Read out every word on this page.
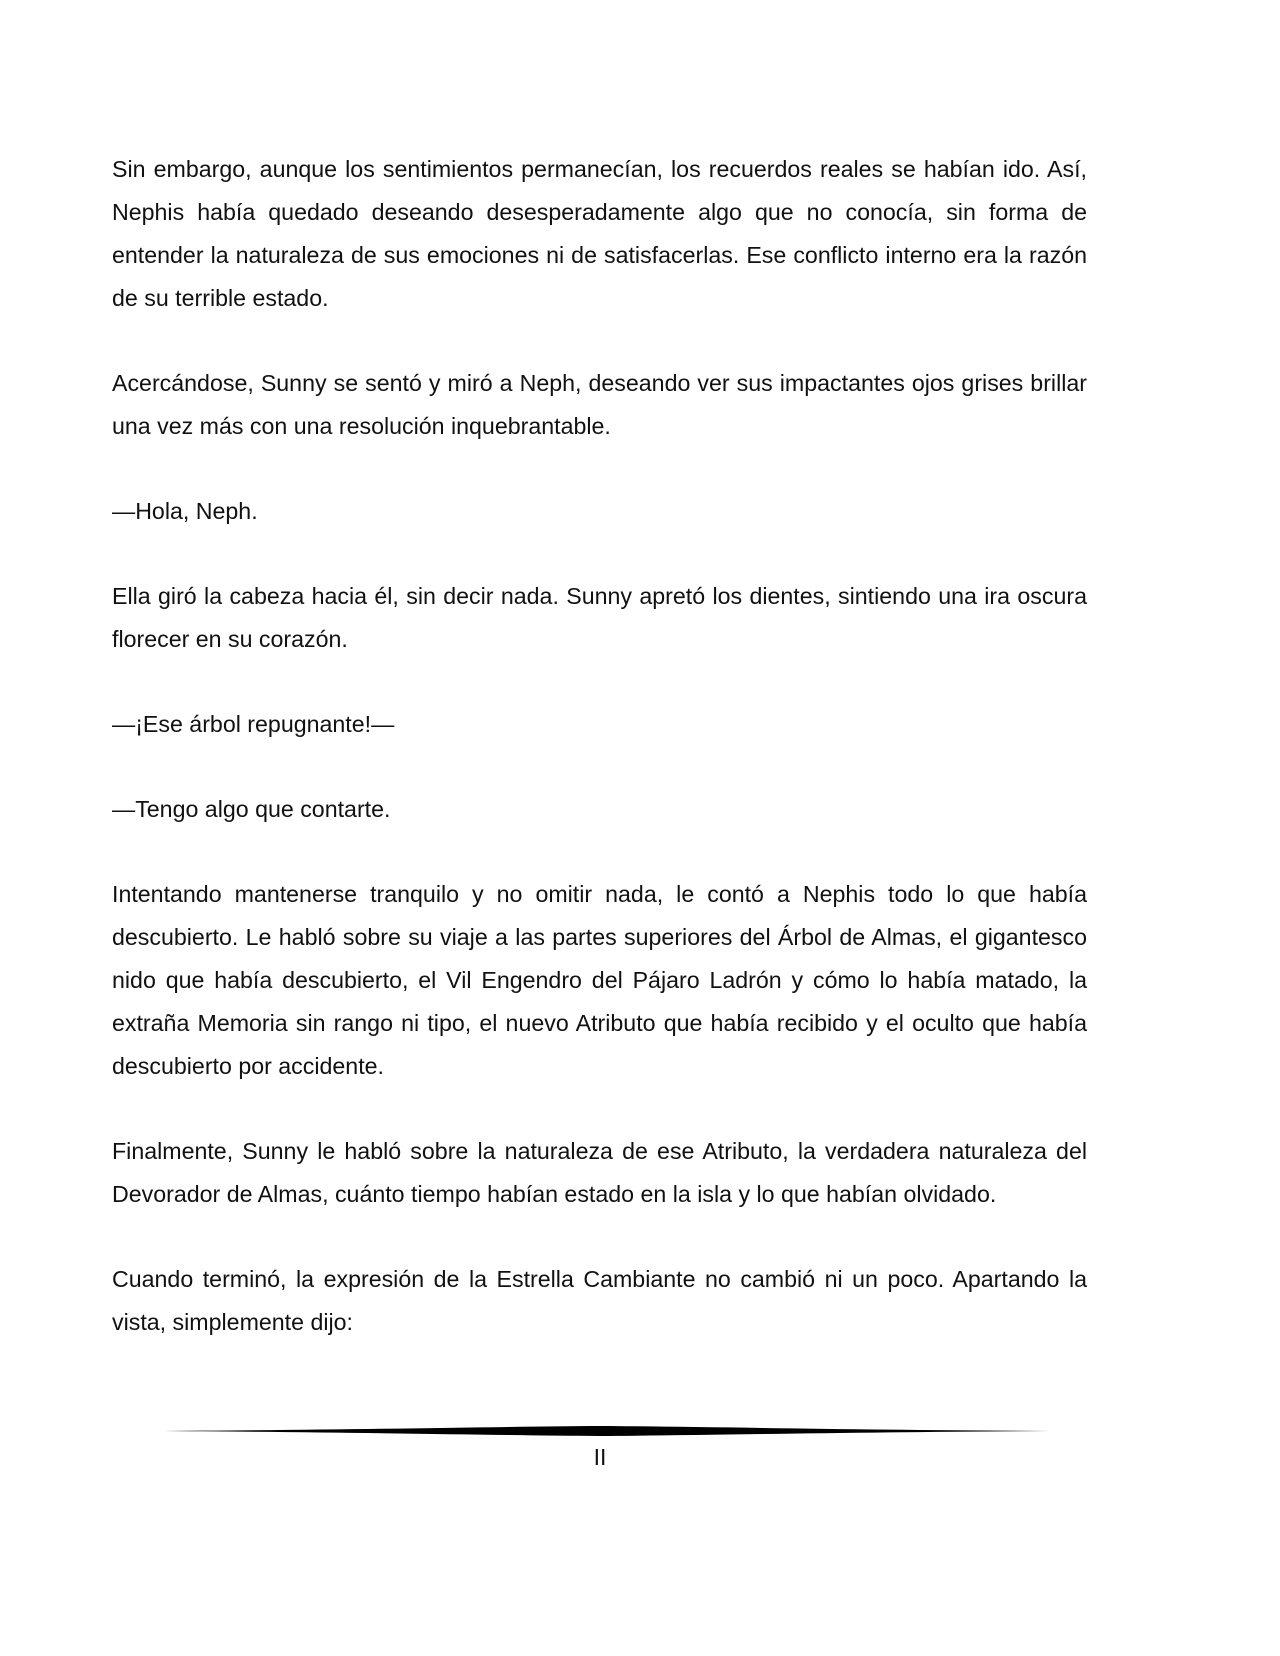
Sin embargo, aunque los sentimientos permanecían, los recuerdos reales se habían ido. Así, Nephis había quedado deseando desesperadamente algo que no conocía, sin forma de entender la naturaleza de sus emociones ni de satisfacerlas. Ese conflicto interno era la razón de su terrible estado.

Acercándose, Sunny se sentó y miró a Neph, deseando ver sus impactantes ojos grises brillar una vez más con una resolución inquebrantable.

—Hola, Neph.

Ella giró la cabeza hacia él, sin decir nada. Sunny apretó los dientes, sintiendo una ira oscura florecer en su corazón.

—¡Ese árbol repugnante!—

—Tengo algo que contarte.

Intentando mantenerse tranquilo y no omitir nada, le contó a Nephis todo lo que había descubierto. Le habló sobre su viaje a las partes superiores del Árbol de Almas, el gigantesco nido que había descubierto, el Vil Engendro del Pájaro Ladrón y cómo lo había matado, la extraña Memoria sin rango ni tipo, el nuevo Atributo que había recibido y el oculto que había descubierto por accidente.

Finalmente, Sunny le habló sobre la naturaleza de ese Atributo, la verdadera naturaleza del Devorador de Almas, cuánto tiempo habían estado en la isla y lo que habían olvidado.

Cuando terminó, la expresión de la Estrella Cambiante no cambió ni un poco. Apartando la vista, simplemente dijo:

II
